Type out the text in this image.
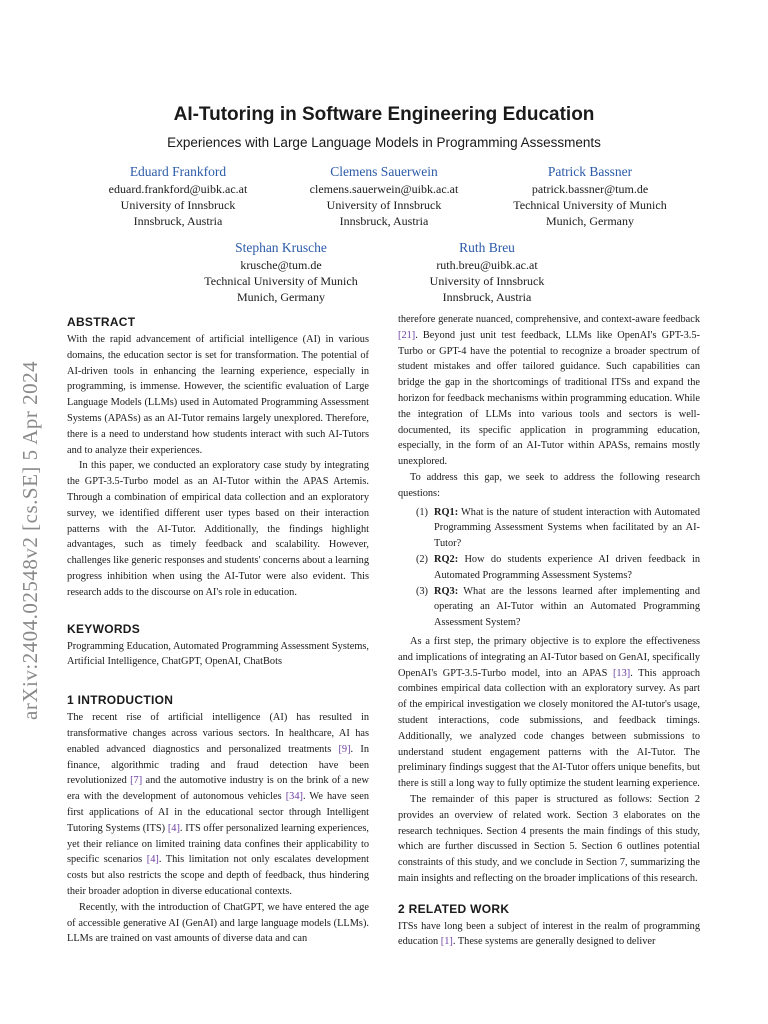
arXiv:2404.02548v2 [cs.SE] 5 Apr 2024
AI-Tutoring in Software Engineering Education
Experiences with Large Language Models in Programming Assessments
Eduard Frankford
eduard.frankford@uibk.ac.at
University of Innsbruck
Innsbruck, Austria
Clemens Sauerwein
clemens.sauerwein@uibk.ac.at
University of Innsbruck
Innsbruck, Austria
Patrick Bassner
patrick.bassner@tum.de
Technical University of Munich
Munich, Germany
Stephan Krusche
krusche@tum.de
Technical University of Munich
Munich, Germany
Ruth Breu
ruth.breu@uibk.ac.at
University of Innsbruck
Innsbruck, Austria
ABSTRACT

With the rapid advancement of artificial intelligence (AI) in various domains, the education sector is set for transformation. The potential of AI-driven tools in enhancing the learning experience, especially in programming, is immense. However, the scientific evaluation of Large Language Models (LLMs) used in Automated Programming Assessment Systems (APASs) as an AI-Tutor remains largely unexplored. Therefore, there is a need to understand how students interact with such AI-Tutors and to analyze their experiences.

In this paper, we conducted an exploratory case study by integrating the GPT-3.5-Turbo model as an AI-Tutor within the APAS Artemis. Through a combination of empirical data collection and an exploratory survey, we identified different user types based on their interaction patterns with the AI-Tutor. Additionally, the findings highlight advantages, such as timely feedback and scalability. However, challenges like generic responses and students' concerns about a learning progress inhibition when using the AI-Tutor were also evident. This research adds to the discourse on AI's role in education.

KEYWORDS

Programming Education, Automated Programming Assessment Systems, Artificial Intelligence, ChatGPT, OpenAI, ChatBots

1 INTRODUCTION

The recent rise of artificial intelligence (AI) has resulted in transformative changes across various sectors. In healthcare, AI has enabled advanced diagnostics and personalized treatments [9]. In finance, algorithmic trading and fraud detection have been revolutionized [7] and the automotive industry is on the brink of a new era with the development of autonomous vehicles [34]. We have seen first applications of AI in the educational sector through Intelligent Tutoring Systems (ITS) [4]. ITS offer personalized learning experiences, yet their reliance on limited training data confines their applicability to specific scenarios [4]. This limitation not only escalates development costs but also restricts the scope and depth of feedback, thus hindering their broader adoption in diverse educational contexts.

Recently, with the introduction of ChatGPT, we have entered the age of accessible generative AI (GenAI) and large language models (LLMs). LLMs are trained on vast amounts of diverse data and can

therefore generate nuanced, comprehensive, and context-aware feedback [21]. Beyond just unit test feedback, LLMs like OpenAI's GPT-3.5-Turbo or GPT-4 have the potential to recognize a broader spectrum of student mistakes and offer tailored guidance. Such capabilities can bridge the gap in the shortcomings of traditional ITSs and expand the horizon for feedback mechanisms within programming education. While the integration of LLMs into various tools and sectors is well-documented, its specific application in programming education, especially, in the form of an AI-Tutor within APASs, remains mostly unexplored.

To address this gap, we seek to address the following research questions:

(1) RQ1: What is the nature of student interaction with Automated Programming Assessment Systems when facilitated by an AI-Tutor?
(2) RQ2: How do students experience AI driven feedback in Automated Programming Assessment Systems?
(3) RQ3: What are the lessons learned after implementing and operating an AI-Tutor within an Automated Programming Assessment System?

As a first step, the primary objective is to explore the effectiveness and implications of integrating an AI-Tutor based on GenAI, specifically OpenAI's GPT-3.5-Turbo model, into an APAS [13]. This approach combines empirical data collection with an exploratory survey. As part of the empirical investigation we closely monitored the AI-tutor's usage, student interactions, code submissions, and feedback timings. Additionally, we analyzed code changes between submissions to understand student engagement patterns with the AI-Tutor. The preliminary findings suggest that the AI-Tutor offers unique benefits, but there is still a long way to fully optimize the student learning experience.

The remainder of this paper is structured as follows: Section 2 provides an overview of related work. Section 3 elaborates on the research techniques. Section 4 presents the main findings of this study, which are further discussed in Section 5. Section 6 outlines potential constraints of this study, and we conclude in Section 7, summarizing the main insights and reflecting on the broader implications of this research.

2 RELATED WORK

ITSs have long been a subject of interest in the realm of programming education [1]. These systems are generally designed to deliver
